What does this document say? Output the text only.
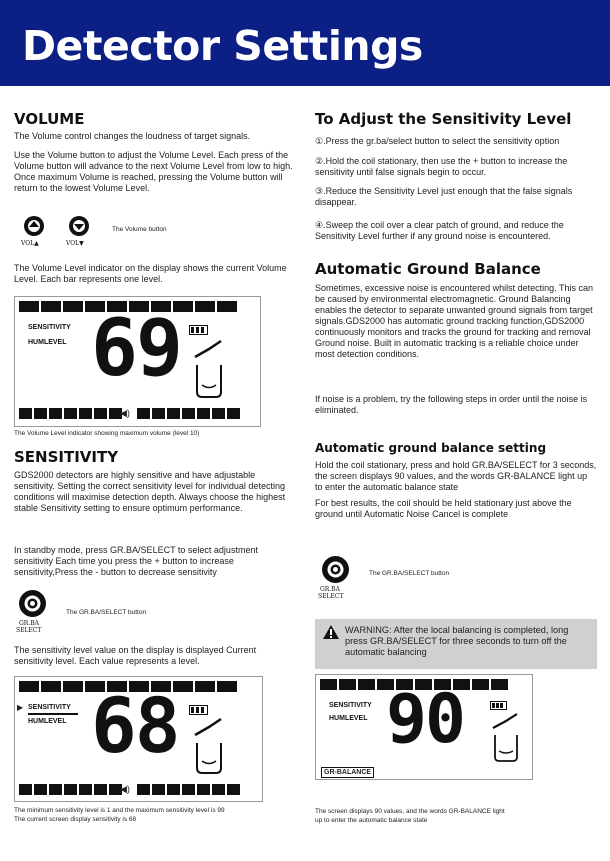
Detector Settings
VOLUME

The Volume control changes the loudness of target signals.

Use the Volume button to adjust the Volume Level. Each press of the Volume button will advance to the next Volume Level from low to high. Once maximum Volume is reached, pressing the Volume button will return to the lowest Volume Level.

VOL▲	VOL▼
The Volume button

The Volume Level indicator on the display shows the current Volume Level. Each bar represents one level.

SENSITIVITY
HUMLEVEL 69
◀)

The Volume Level indicator showing maximum volume (level 10)

SENSITIVITY

GDS2000 detectors are highly sensitive and have adjustable sensitivity. Setting the correct sensitivity level for individual detecting conditions will maximise detection depth. Always choose the highest stable Sensitivity setting to ensure optimum performance.

In standby mode, press GR.BA/SELECT to select adjustment sensitivity Each time you press the + button to increase sensitivity,Press the - button to decrease sensitivity

GR.BA
SELECT
The GR.BA/SELECT button

The sensitivity level value on the display is displayed Current sensitivity level. Each value represents a level.

▶ SENSITIVITY
HUMLEVEL 68
◀)

The minimum sensitivity level is 1 and the maximum sensitivity level is 99

The current screen display sensitivity is 68

To Adjust the Sensitivity Level

①.Press the gr.ba/select button to select the sensitivity option

②.Hold the coil stationary, then use the + button to increase the sensitivity until false signals begin to occur.

③.Reduce the Sensitivity Level just enough that the false signals disappear.

④.Sweep the coil over a clear patch of ground, and reduce the Sensitivity Level further if any ground noise is encountered.

Automatic Ground Balance

Sometimes, excessive noise is encountered whilst detecting. This can be caused by environmental electromagnetic. Ground Balancing enables the detector to separate unwanted ground signals from target signals.GDS2000 has automatic ground tracking function,GDS2000 continuously monitors and tracks the ground for tracking and removal Ground noise. Built in automatic tracking is a reliable choice under most detection conditions.

If noise is a problem, try the following steps in order until the noise is eliminated.

Automatic ground balance setting

Hold the coil stationary, press and hold GR.BA/SELECT for 3 seconds, the screen displays 90 values, and the words GR-BALANCE light up to enter the automatic balance state

For best results, the coil should be held stationary just above the ground until Automatic Noise Cancel is complete

GR.BA
SELECT
The GR.BA/SELECT button

WARNING: After the local balancing is completed, long press GR.BA/SELECT for three seconds to turn off the automatic balancing

SENSITIVITY
HUMLEVEL 90
GR-BALANCE

The screen displays 90 values, and the words GR-BALANCE light

up to enter the automatic balance state
